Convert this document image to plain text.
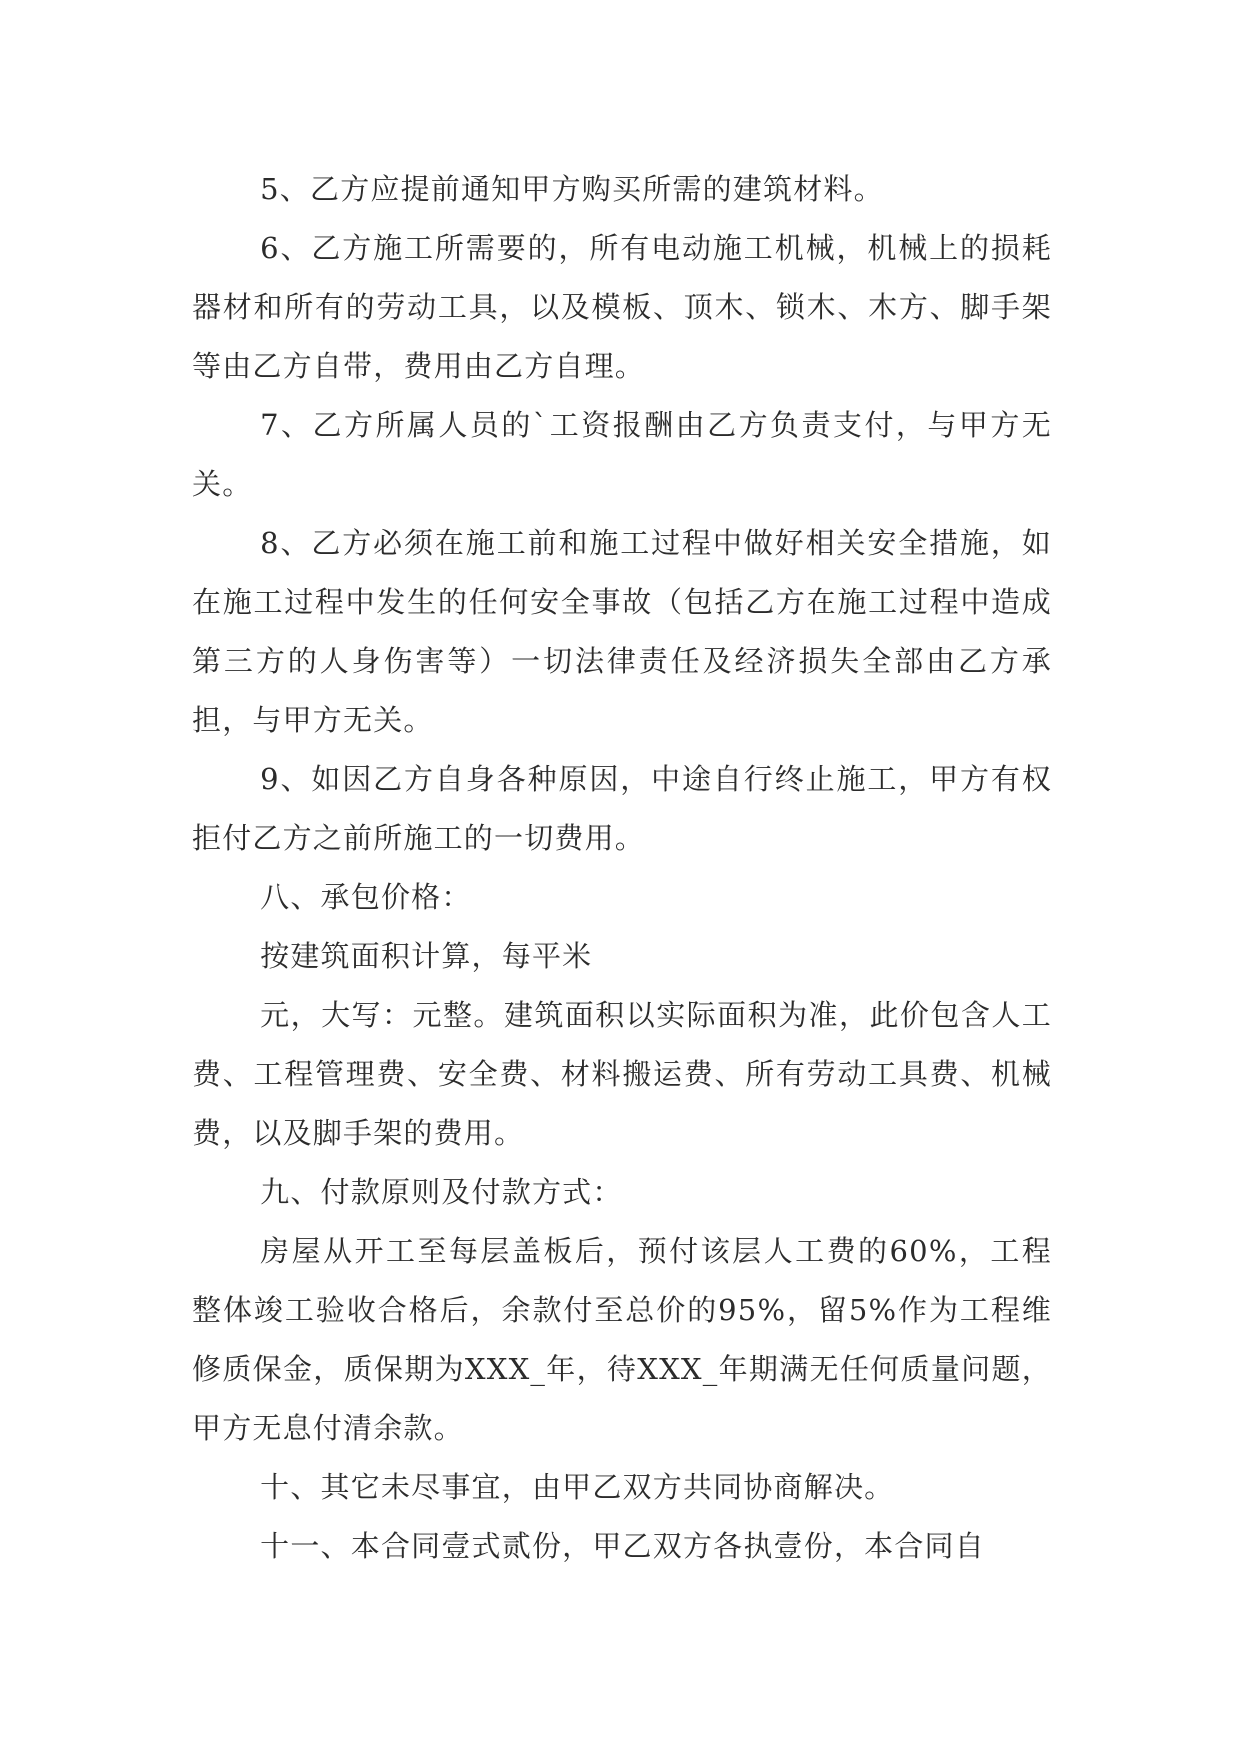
5、乙方应提前通知甲方购买所需的建筑材料。

6、乙方施工所需要的，所有电动施工机械，机械上的损耗器材和所有的劳动工具，以及模板、顶木、锁木、木方、脚手架等由乙方自带，费用由乙方自理。

7、乙方所属人员的`工资报酬由乙方负责支付，与甲方无关。

8、乙方必须在施工前和施工过程中做好相关安全措施，如在施工过程中发生的任何安全事故（包括乙方在施工过程中造成第三方的人身伤害等）一切法律责任及经济损失全部由乙方承担，与甲方无关。

9、如因乙方自身各种原因，中途自行终止施工，甲方有权拒付乙方之前所施工的一切费用。

八、承包价格：

按建筑面积计算，每平米

元，大写：元整。建筑面积以实际面积为准，此价包含人工费、工程管理费、安全费、材料搬运费、所有劳动工具费、机械费，以及脚手架的费用。

九、付款原则及付款方式：

房屋从开工至每层盖板后，预付该层人工费的60%，工程整体竣工验收合格后，余款付至总价的95%，留5%作为工程维修质保金，质保期为XXX_年，待XXX_年期满无任何质量问题，甲方无息付清余款。

十、其它未尽事宜，由甲乙双方共同协商解决。

十一、本合同壹式贰份，甲乙双方各执壹份，本合同自
